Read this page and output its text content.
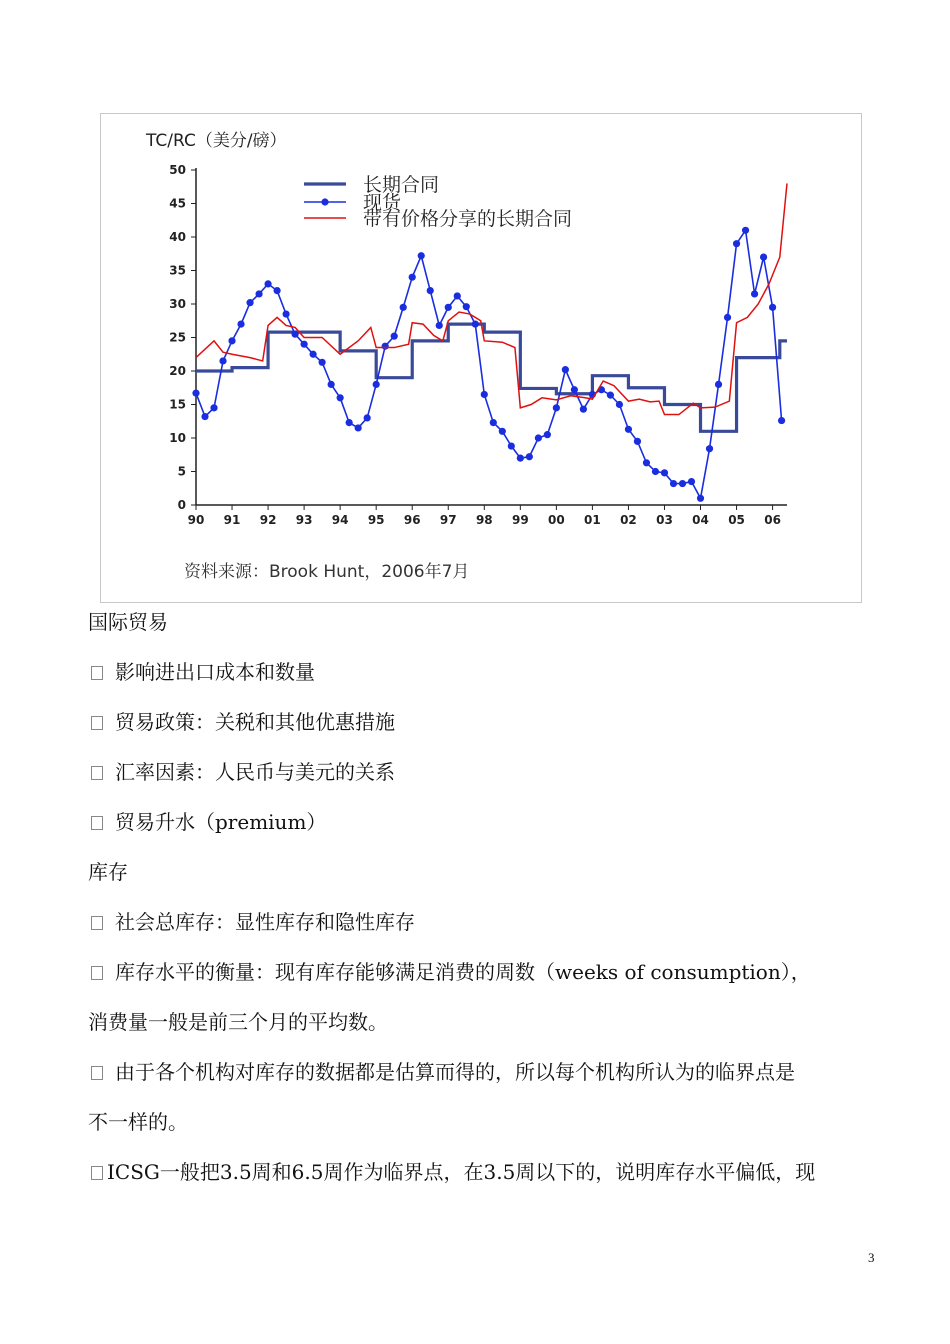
TC/RC（美分/磅）
0
5
10
15
20
25
30
35
40
45
50
90 91 92 93 94 95 96 97 98 99 00 01 02 03 04 05 06
长期合同
现货
带有价格分享的长期合同
资料来源：Brook Hunt，2006年7月
国际贸易
影响进出口成本和数量
贸易政策：关税和其他优惠措施
汇率因素：人民币与美元的关系
贸易升水（premium）
库存
社会总库存：显性库存和隐性库存
库存水平的衡量：现有库存能够满足消费的周数（weeks of consumption），
消费量一般是前三个月的平均数。
由于各个机构对库存的数据都是估算而得的，所以每个机构所认为的临界点是
不一样的。
ICSG一般把3.5周和6.5周作为临界点，在3.5周以下的，说明库存水平偏低，现
3
